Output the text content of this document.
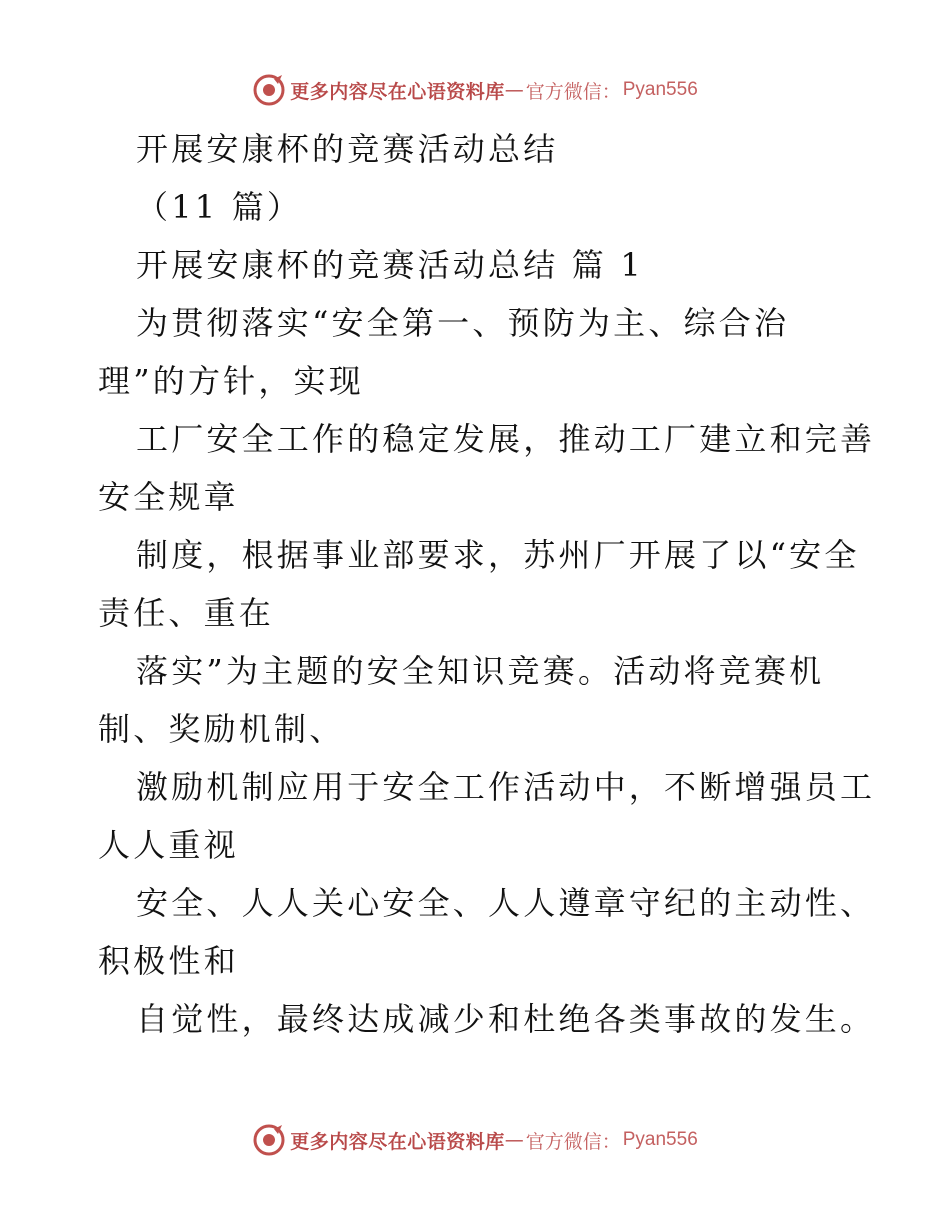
更多内容尽在心语资料库 — 官方微信： Pyan556
开展安康杯的竞赛活动总结
（11 篇）
开展安康杯的竞赛活动总结 篇 1
为贯彻落实“安全第一、预防为主、综合治
理”的方针，实现
工厂安全工作的稳定发展，推动工厂建立和完善
安全规章
制度，根据事业部要求，苏州厂开展了以“安全
责任、重在
落实”为主题的安全知识竞赛。活动将竞赛机
制、奖励机制、
激励机制应用于安全工作活动中，不断增强员工
人人重视
安全、人人关心安全、人人遵章守纪的主动性、
积极性和
自觉性，最终达成减少和杜绝各类事故的发生。
更多内容尽在心语资料库 — 官方微信： Pyan556
